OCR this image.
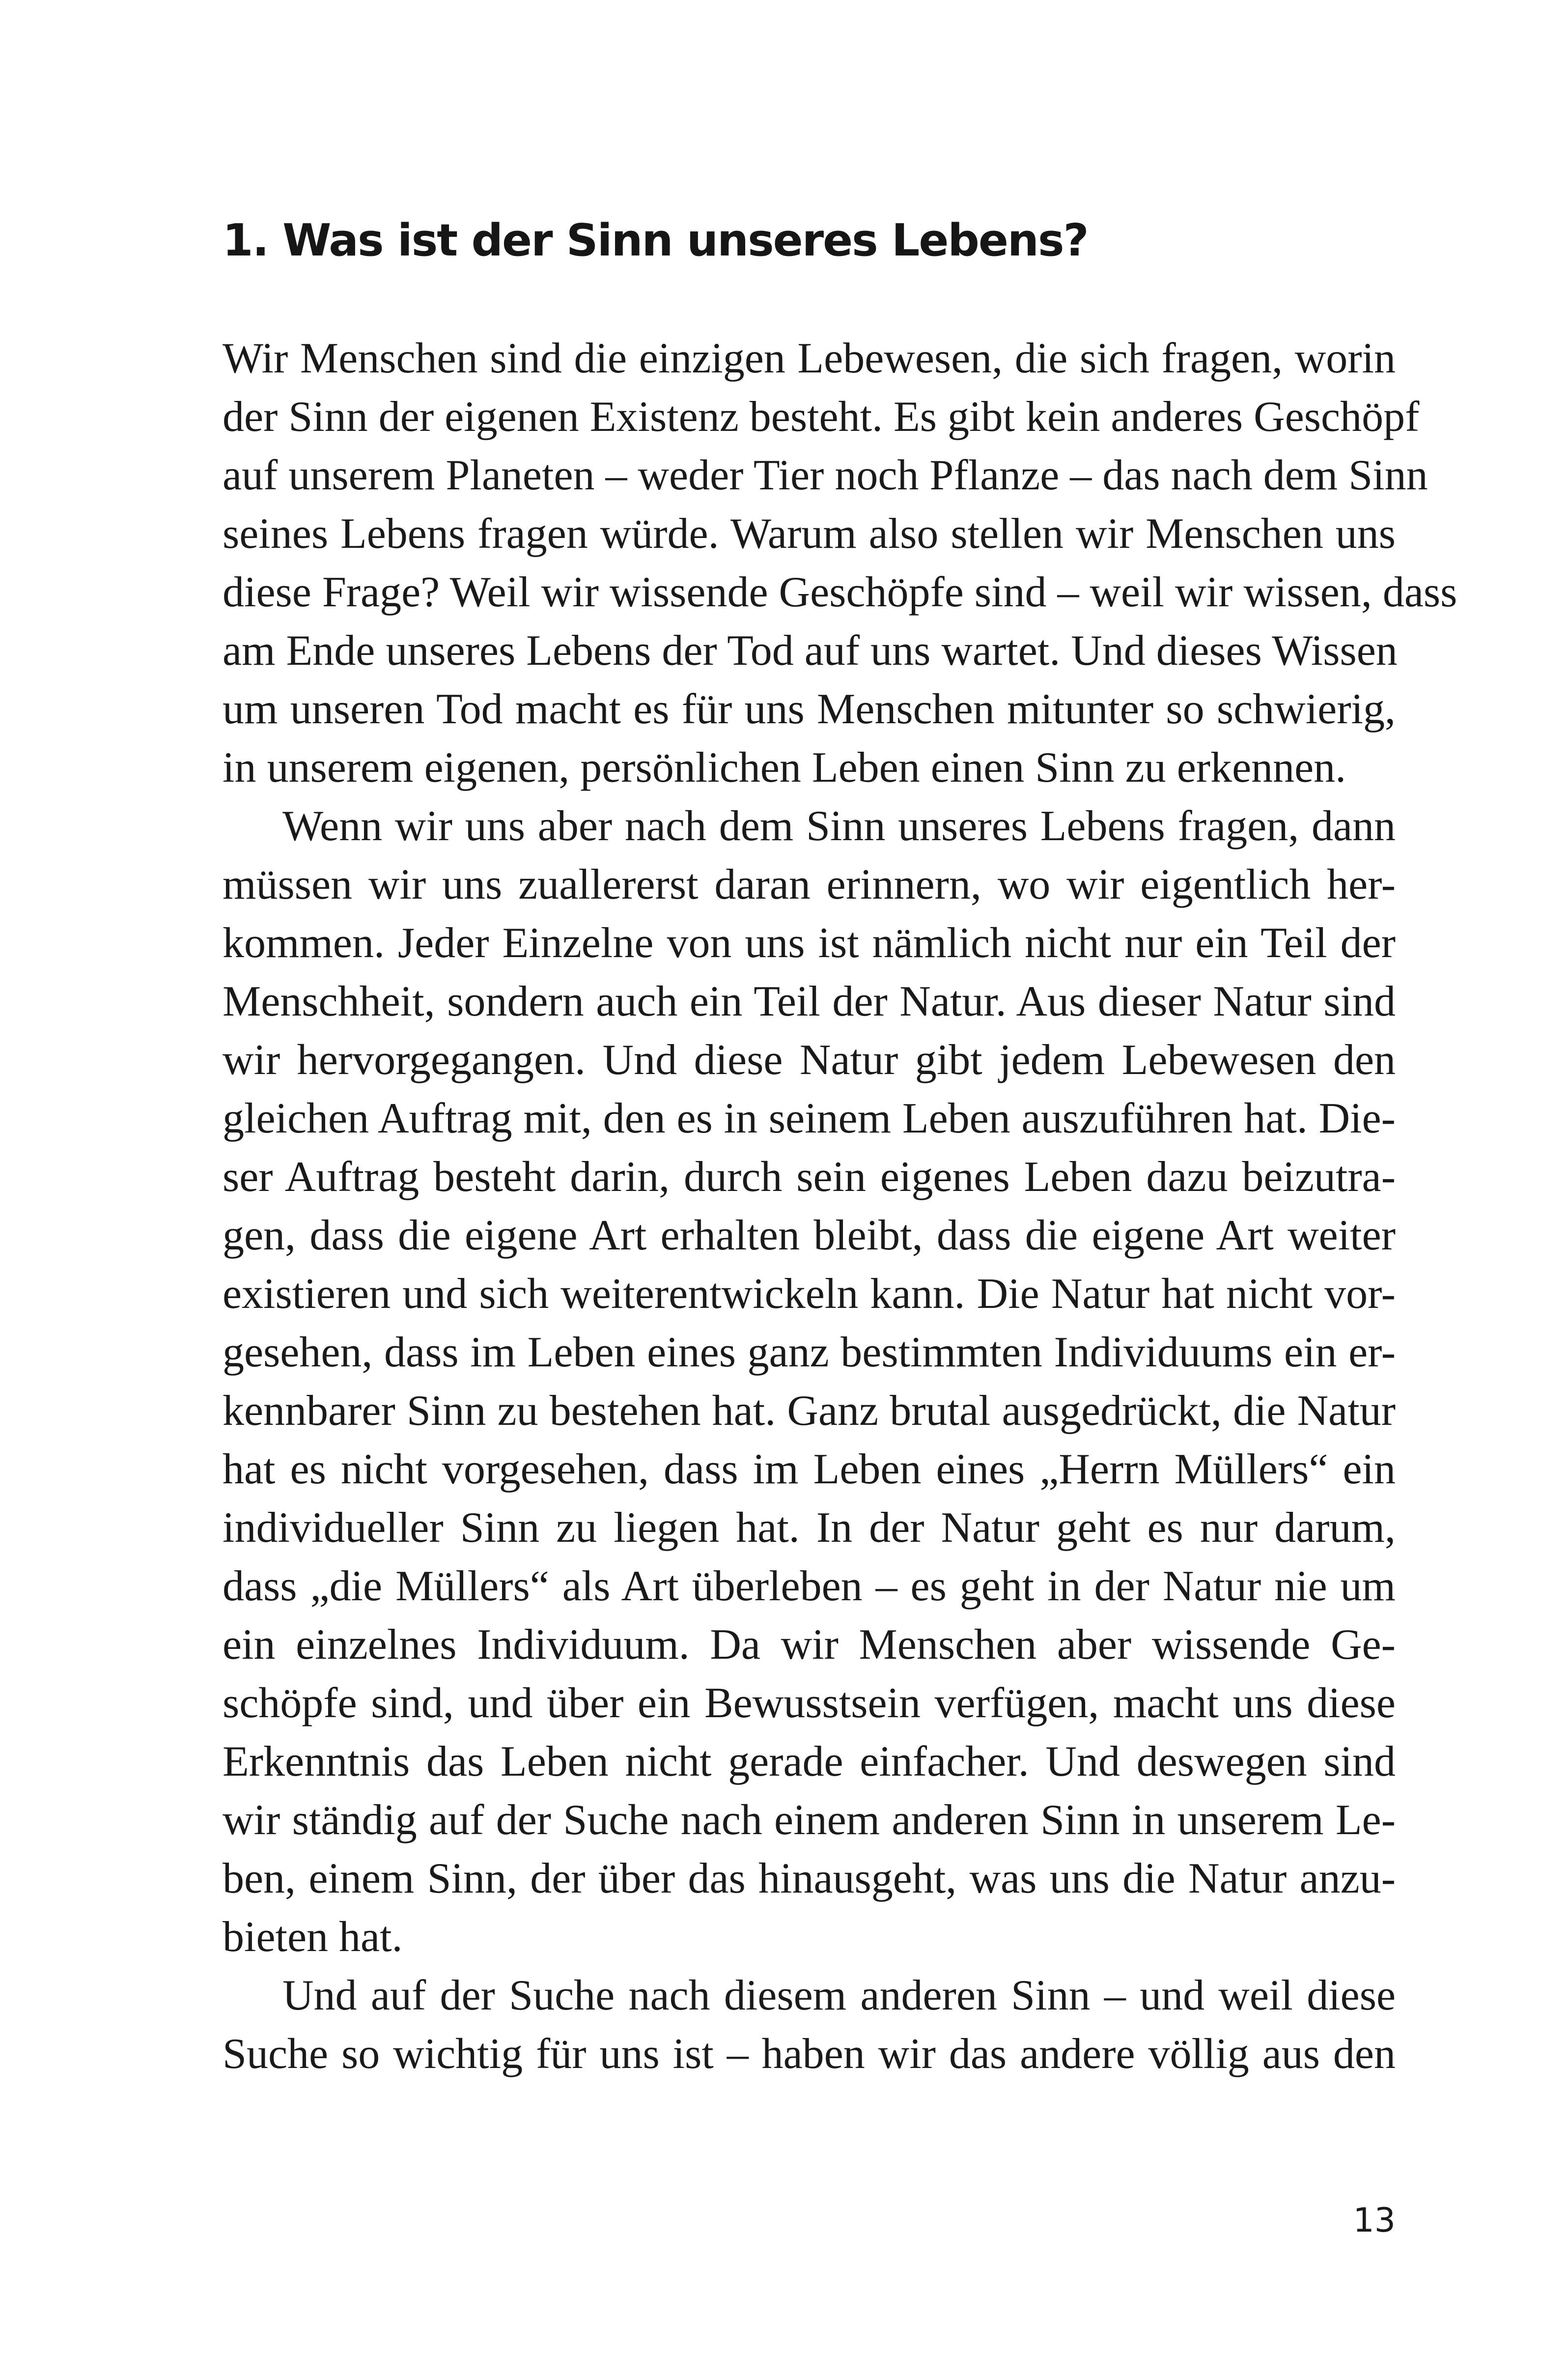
1. Was ist der Sinn unseres Lebens?
Wir Menschen sind die einzigen Lebewesen, die sich fragen, worin
der Sinn der eigenen Existenz besteht. Es gibt kein anderes Geschöpf
auf unserem Planeten – weder Tier noch Pflanze – das nach dem Sinn
seines Lebens fragen würde. Warum also stellen wir Menschen uns
diese Frage? Weil wir wissende Geschöpfe sind – weil wir wissen, dass
am Ende unseres Lebens der Tod auf uns wartet. Und dieses Wissen
um unseren Tod macht es für uns Menschen mitunter so schwierig,
in unserem eigenen, persönlichen Leben einen Sinn zu erkennen.
Wenn wir uns aber nach dem Sinn unseres Lebens fragen, dann
müssen wir uns zuallererst daran erinnern, wo wir eigentlich her-
kommen. Jeder Einzelne von uns ist nämlich nicht nur ein Teil der
Menschheit, sondern auch ein Teil der Natur. Aus dieser Natur sind
wir hervorgegangen. Und diese Natur gibt jedem Lebewesen den
gleichen Auftrag mit, den es in seinem Leben auszuführen hat. Die-
ser Auftrag besteht darin, durch sein eigenes Leben dazu beizutra-
gen, dass die eigene Art erhalten bleibt, dass die eigene Art weiter
existieren und sich weiterentwickeln kann. Die Natur hat nicht vor-
gesehen, dass im Leben eines ganz bestimmten Individuums ein er-
kennbarer Sinn zu bestehen hat. Ganz brutal ausgedrückt, die Natur
hat es nicht vorgesehen, dass im Leben eines „Herrn Müllers“ ein
individueller Sinn zu liegen hat. In der Natur geht es nur darum,
dass „die Müllers“ als Art überleben – es geht in der Natur nie um
ein einzelnes Individuum. Da wir Menschen aber wissende Ge-
schöpfe sind, und über ein Bewusstsein verfügen, macht uns diese
Erkenntnis das Leben nicht gerade einfacher. Und deswegen sind
wir ständig auf der Suche nach einem anderen Sinn in unserem Le-
ben, einem Sinn, der über das hinausgeht, was uns die Natur anzu-
bieten hat.
Und auf der Suche nach diesem anderen Sinn – und weil diese
Suche so wichtig für uns ist – haben wir das andere völlig aus den
13
